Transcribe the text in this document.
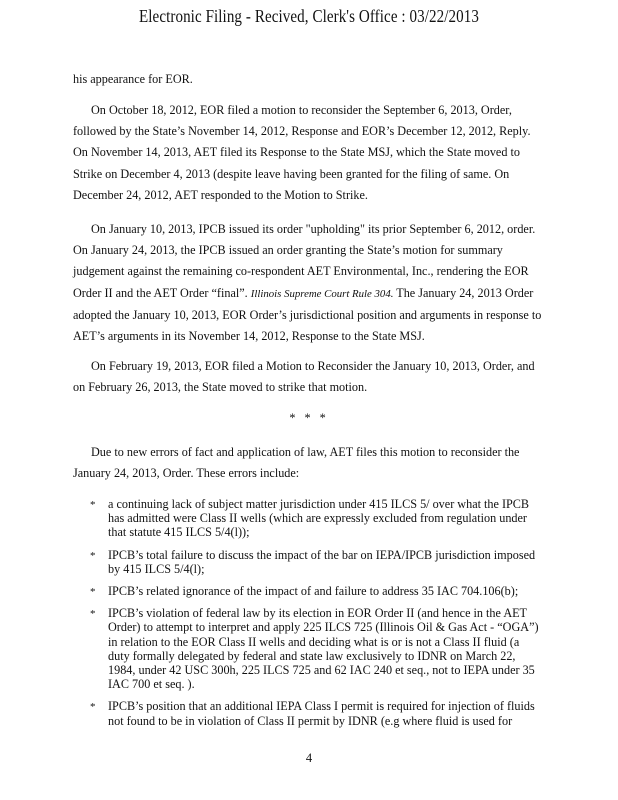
Electronic Filing - Recived, Clerk's Office : 03/22/2013

his appearance for EOR.

On October 18, 2012, EOR filed a motion to reconsider the September 6, 2013, Order, followed by the State’s November 14, 2012, Response and EOR’s December 12, 2012, Reply. On November 14, 2013, AET filed its Response to the State MSJ, which the State moved to Strike on December 4, 2013 (despite leave having been granted for the filing of same. On December 24, 2012, AET responded to the Motion to Strike.

On January 10, 2013, IPCB issued its order "upholding" its prior September 6, 2012, order. On January 24, 2013, the IPCB issued an order granting the State’s motion for summary judgement against the remaining co-respondent AET Environmental, Inc., rendering the EOR Order II and the AET Order “final”. Illinois Supreme Court Rule 304. The January 24, 2013 Order adopted the January 10, 2013, EOR Order’s jurisdictional position and arguments in response to AET’s arguments in its November 14, 2012, Response to the State MSJ.

On February 19, 2013, EOR filed a Motion to Reconsider the January 10, 2013, Order, and on February 26, 2013, the State moved to strike that motion.

* * *

Due to new errors of fact and application of law, AET files this motion to reconsider the January 24, 2013, Order. These errors include:

* a continuing lack of subject matter jurisdiction under 415 ILCS 5/ over what the IPCB has admitted were Class II wells (which are expressly excluded from regulation under that statute 415 ILCS 5/4(l));
* IPCB’s total failure to discuss the impact of the bar on IEPA/IPCB jurisdiction imposed by 415 ILCS 5/4(l);
* IPCB’s related ignorance of the impact of and failure to address 35 IAC 704.106(b);
* IPCB’s violation of federal law by its election in EOR Order II (and hence in the AET Order) to attempt to interpret and apply 225 ILCS 725 (Illinois Oil & Gas Act - “OGA”) in relation to the EOR Class II wells and deciding what is or is not a Class II fluid (a duty formally delegated by federal and state law exclusively to IDNR on March 22, 1984, under 42 USC 300h, 225 ILCS 725 and 62 IAC 240 et seq., not to IEPA under 35 IAC 700 et seq. ).
* IPCB’s position that an additional IEPA Class I permit is required for injection of fluids not found to be in violation of Class II permit by IDNR (e.g where fluid is used for
4
